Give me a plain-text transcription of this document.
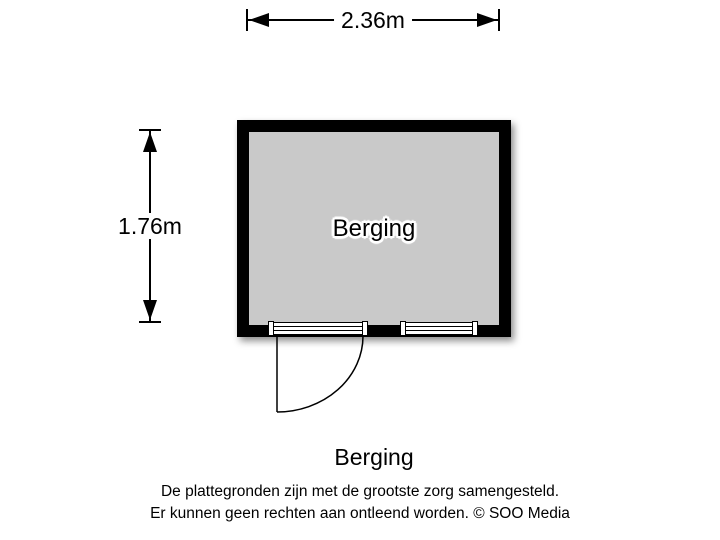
2.36m
1.76m	Berging
Berging
De plattegronden zijn met de grootste zorg samengesteld.
Er kunnen geen rechten aan ontleend worden. © SOO Media
